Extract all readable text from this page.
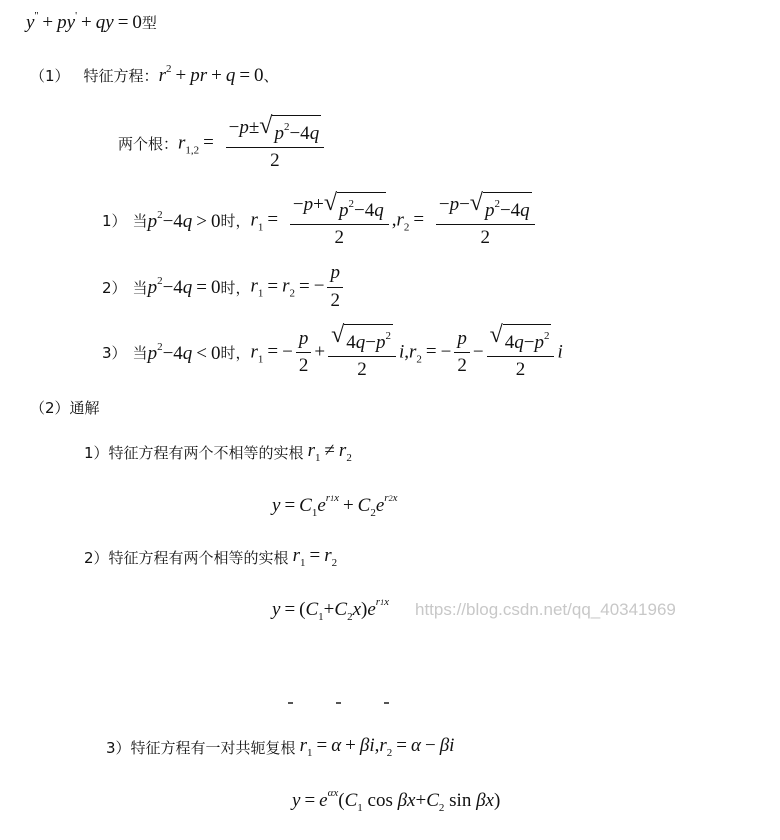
y'' + py' + qy = 0 型
（1） 特征方程： $r^2$ + pr + q = 0 、
两个根： $r_{1,2} = \frac{-p\pm √ p^2-4q}{2}$
1） 当 $p^2-4q > 0$ 时， $r_1 = \frac{-p+ √ p^2-4q}{2} ,r_2 = \frac{-p- √ p^2-4q}{2}$
2） 当 $p^2-4q = 0$ 时， $r_1 = r_2$ = − $\frac{p}{2}$
3） 当 $p^2-4q < 0$ 时， $r_1$ = − $\frac{p}{2} + \frac{√ 4q-p^2}{2} i,r_2$ = − $\frac{p}{2} - \frac{√ 4q-p^2}{2}$ i
（2）通解
1） 特征方程有两个不相等的实根 $r_1 \ne r_2$
$y = C_1e^{r1x} + C_2e^{r2x}$
2） 特征方程有两个相等的实根 $r_1 = r_2$
$y = (C_1+C_2x)e^{r1x}$ https://blog.csdn.net/qq_40341969
3） 特征方程有一对共轭复根 $r_1 = \alpha + \beta i,r_2 = \alpha - \beta i$
$y = e^{\alpha x}(C_1$ $\cos \beta x+C_2$ sin βx)
